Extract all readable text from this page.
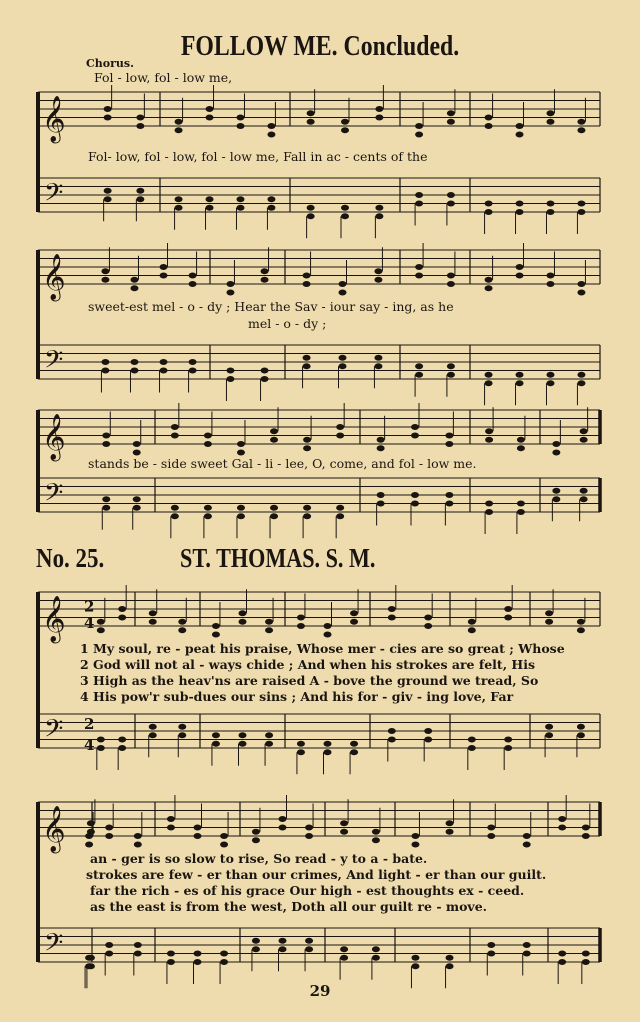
FOLLOW ME. Concluded.
Chorus.
𝄞
𝄢
𝄞
𝄢
𝄞
𝄢
𝄞
𝄢
𝄞
𝄢
2
4
2
4
Fol - low, fol - low me,
Fol- low, fol - low, fol - low me, Fall in ac - cents of the
sweet-est mel - o - dy ; Hear the Sav - iour say - ing, as he
mel - o - dy ;
stands be - side sweet Gal - li - lee, O, come, and fol - low me.
No. 25.	ST. THOMAS. S. M.
1 My soul, re - peat his praise, Whose mer - cies are so great ; Whose
2 God will not al - ways chide ; And when his strokes are felt, His
3 High as the heav'ns are raised A - bove the ground we tread, So
4 His pow'r sub-dues our sins ; And his for - giv - ing love, Far
an - ger is so slow to rise, So read - y to a - bate.
strokes are few - er than our crimes, And light - er than our guilt.
far the rich - es of his grace Our high - est thoughts ex - ceed.
as the east is from the west, Doth all our guilt re - move.
29
